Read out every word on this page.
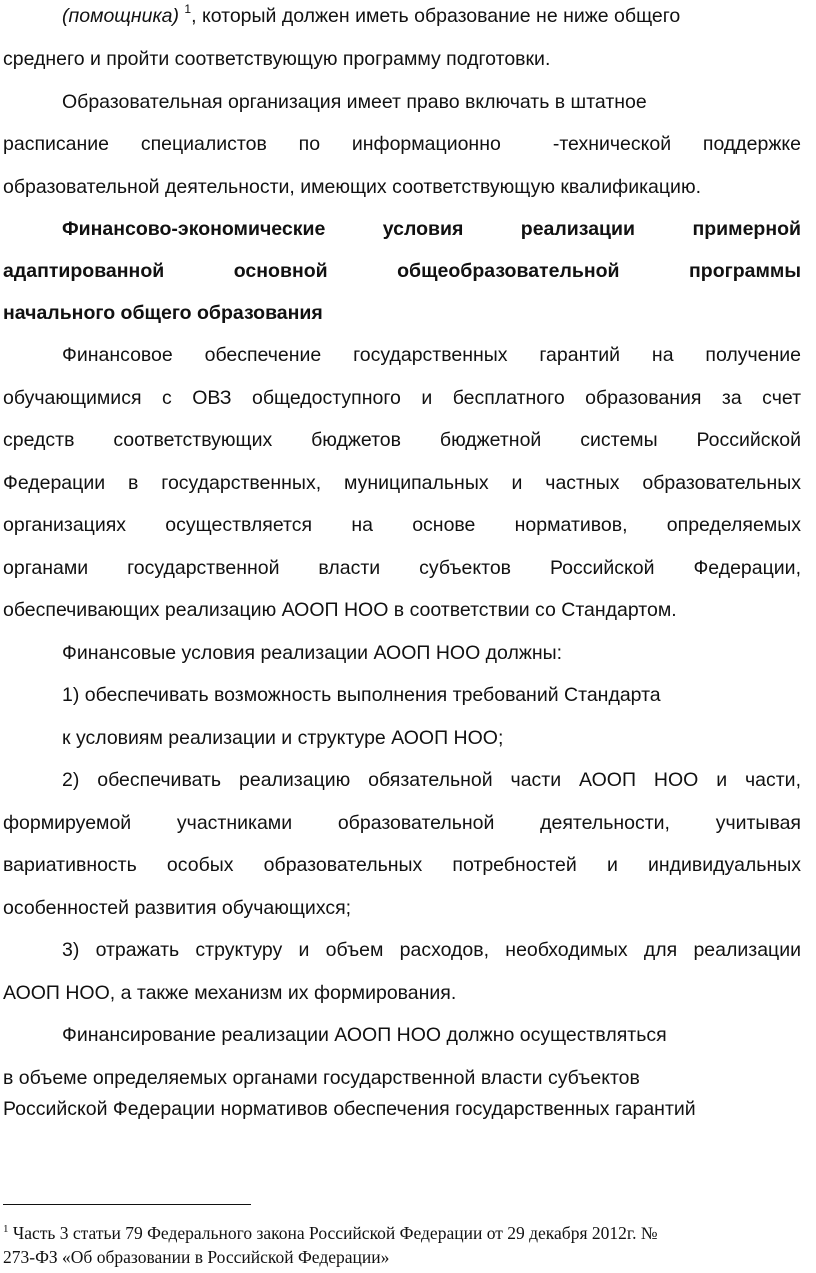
(помощника) $^1$, который должен иметь образование не ниже общего
среднего и пройти соответствующую программу подготовки.
Образовательная организация имеет право включать в штатное
расписание специалистов по информационно	-технической поддержке
образовательной деятельности, имеющих соответствующую квалификацию.
Финансово-экономические условия реализации примерной
адаптированной основной общеобразовательной программы
начального общего образования
Финансовое обеспечение государственных гарантий на получение
обучающимися с ОВЗ общедоступного и бесплатного образования за счет
средств соответствующих бюджетов бюджетной системы Российской
Федерации в государственных, муниципальных и частных образовательных
организациях осуществляется на основе нормативов, определяемых
органами государственной власти субъектов Российской Федерации,
обеспечивающих реализацию АООП НОО в соответствии со Стандартом.
Финансовые условия реализации АООП НОО должны:
1) обеспечивать возможность выполнения требований Стандарта
к условиям реализации и структуре АООП НОО;
2) обеспечивать реализацию обязательной части АООП НОО и части,
формируемой участниками образовательной деятельности, учитывая
вариативность особых образовательных потребностей и индивидуальных
особенностей развития обучающихся;
3) отражать структуру и объем расходов, необходимых для реализации
АООП НОО, а также механизм их формирования.
Финансирование реализации АООП НОО должно осуществляться
в объеме определяемых органами государственной власти субъектов
Российской Федерации нормативов обеспечения государственных гарантий
$^1$ Часть 3 статьи 79 Федерального закона Российской Федерации от 29 декабря 2012г. №
273-ФЗ «Об образовании в Российской Федерации»
